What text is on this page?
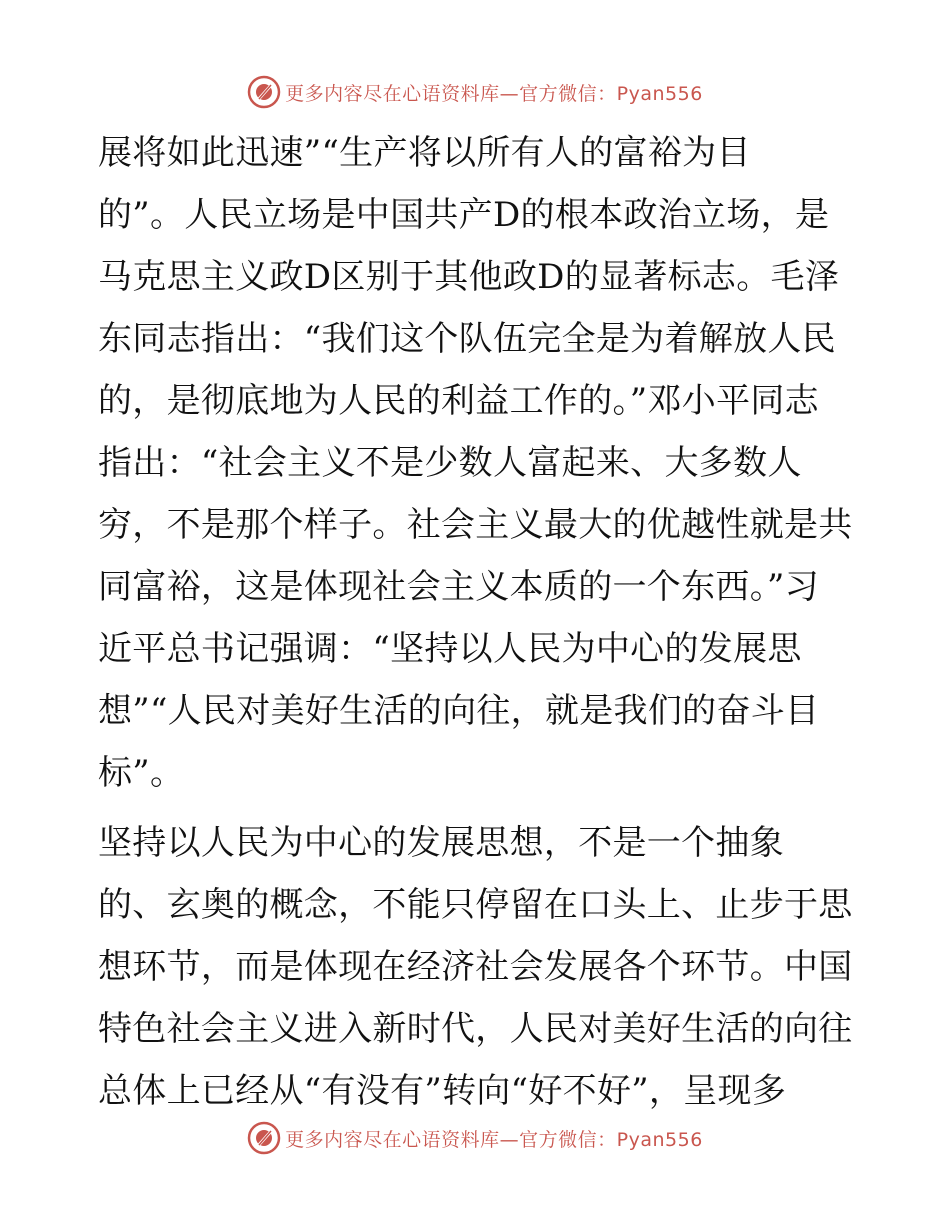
更多内容尽在心语资料库—官方微信：Pyan556
展将如此迅速”“生产将以所有人的富裕为目
的”。人民立场是中国共产D的根本政治立场，是
马克思主义政D区别于其他政D的显著标志。毛泽
东同志指出：“我们这个队伍完全是为着解放人民
的，是彻底地为人民的利益工作的。”邓小平同志
指出：“社会主义不是少数人富起来、大多数人
穷，不是那个样子。社会主义最大的优越性就是共
同富裕，这是体现社会主义本质的一个东西。”习
近平总书记强调：“坚持以人民为中心的发展思
想”“人民对美好生活的向往，就是我们的奋斗目
标”。
坚持以人民为中心的发展思想，不是一个抽象
的、玄奥的概念，不能只停留在口头上、止步于思
想环节，而是体现在经济社会发展各个环节。中国
特色社会主义进入新时代，人民对美好生活的向往
总体上已经从“有没有”转向“好不好”，呈现多
更多内容尽在心语资料库—官方微信：Pyan556
